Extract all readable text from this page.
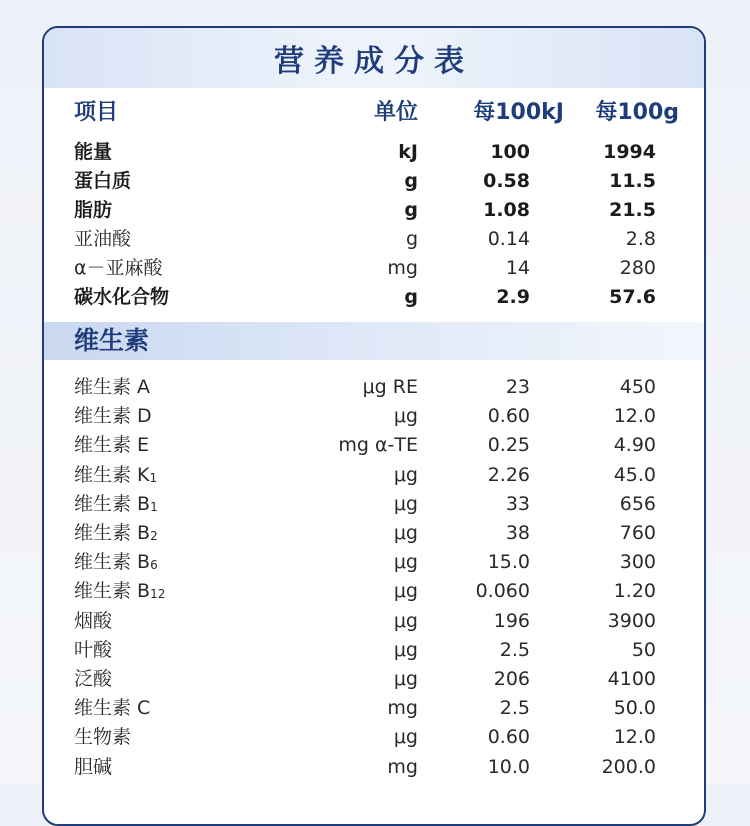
营养成分表
项目	单位	每100kJ 每100g
能量	kJ	100	1994
蛋白质	g	0.58	11.5
脂肪	g	1.08	21.5
亚油酸	g	0.14	2.8
α－亚麻酸	mg	14	280
碳水化合物	g	2.9	57.6
维生素
维生素 A	μg RE	23	450
维生素 D	μg	0.60	12.0
维生素 E	mg α-TE	0.25	4.90
维生素 $K_1$	μg	2.26	45.0
维生素 $B_1$	μg	33	656
维生素 $B_2$	μg	38	760
维生素 $B_6$	μg	15.0	300
维生素 $B_{12}$	μg	0.060	1.20
烟酸	μg	196	3900
叶酸	μg	2.5	50
泛酸	μg	206	4100
维生素 C	mg	2.5	50.0
生物素	μg	0.60	12.0
胆碱	mg	10.0	200.0
